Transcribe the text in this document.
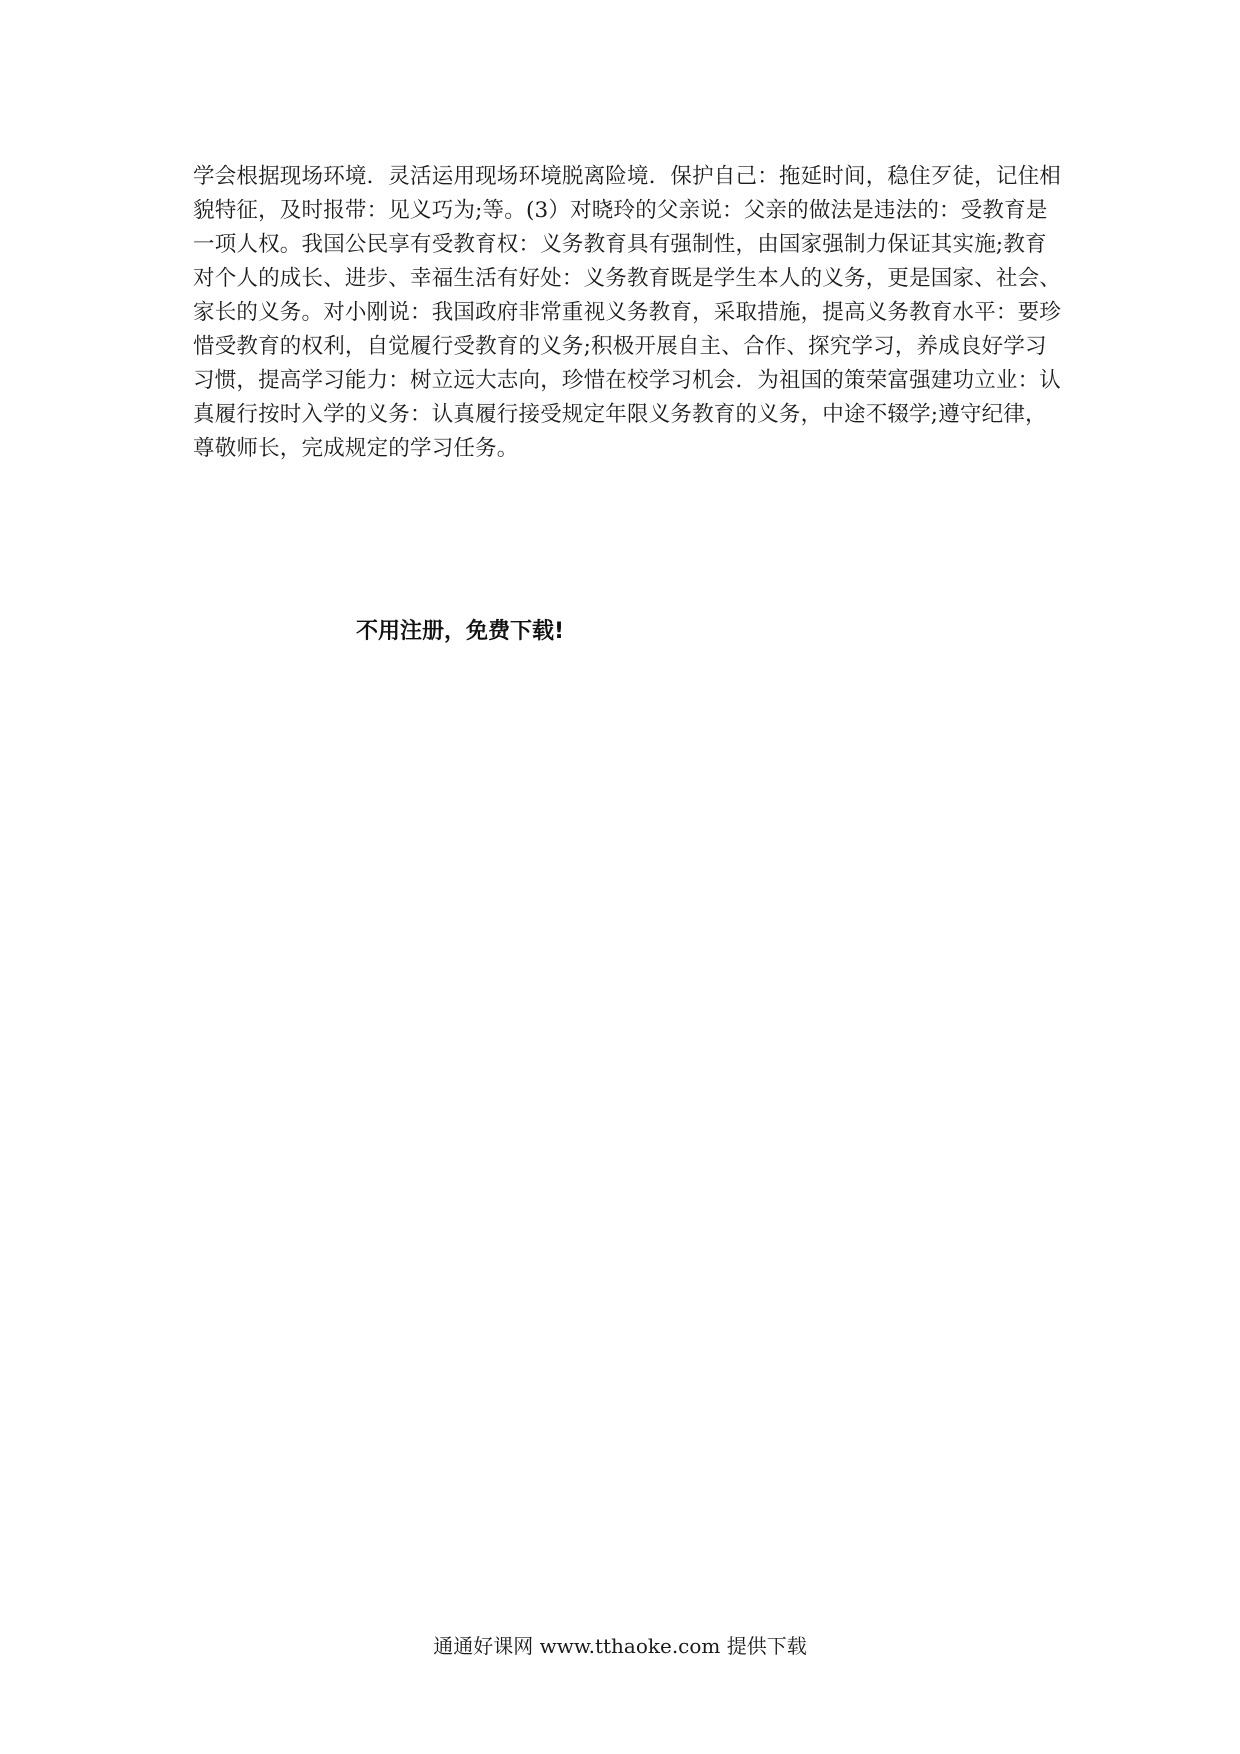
学会根据现场环境．灵活运用现场环境脱离险境．保护自己：拖延时间，稳住歹徒，记住相
貌特征，及时报带：见义巧为;等。(3）对晓玲的父亲说：父亲的做法是违法的：受教育是
一项人权。我国公民享有受教育权：义务教育具有强制性，由国家强制力保证其实施;教育
对个人的成长、进步、幸福生活有好处：义务教育既是学生本人的义务，更是国家、社会、
家长的义务。对小刚说：我国政府非常重视义务教育，采取措施，提高义务教育水平：要珍
惜受教育的权利，自觉履行受教育的义务;积极开展自主、合作、探究学习，养成良好学习
习惯，提高学习能力：树立远大志向，珍惜在校学习机会．为祖国的策荣富强建功立业：认
真履行按时入学的义务：认真履行接受规定年限义务教育的义务，中途不辍学;遵守纪律，
尊敬师长，完成规定的学习任务。
不用注册，免费下载!
通通好课网 www.tthaoke.com 提供下载
